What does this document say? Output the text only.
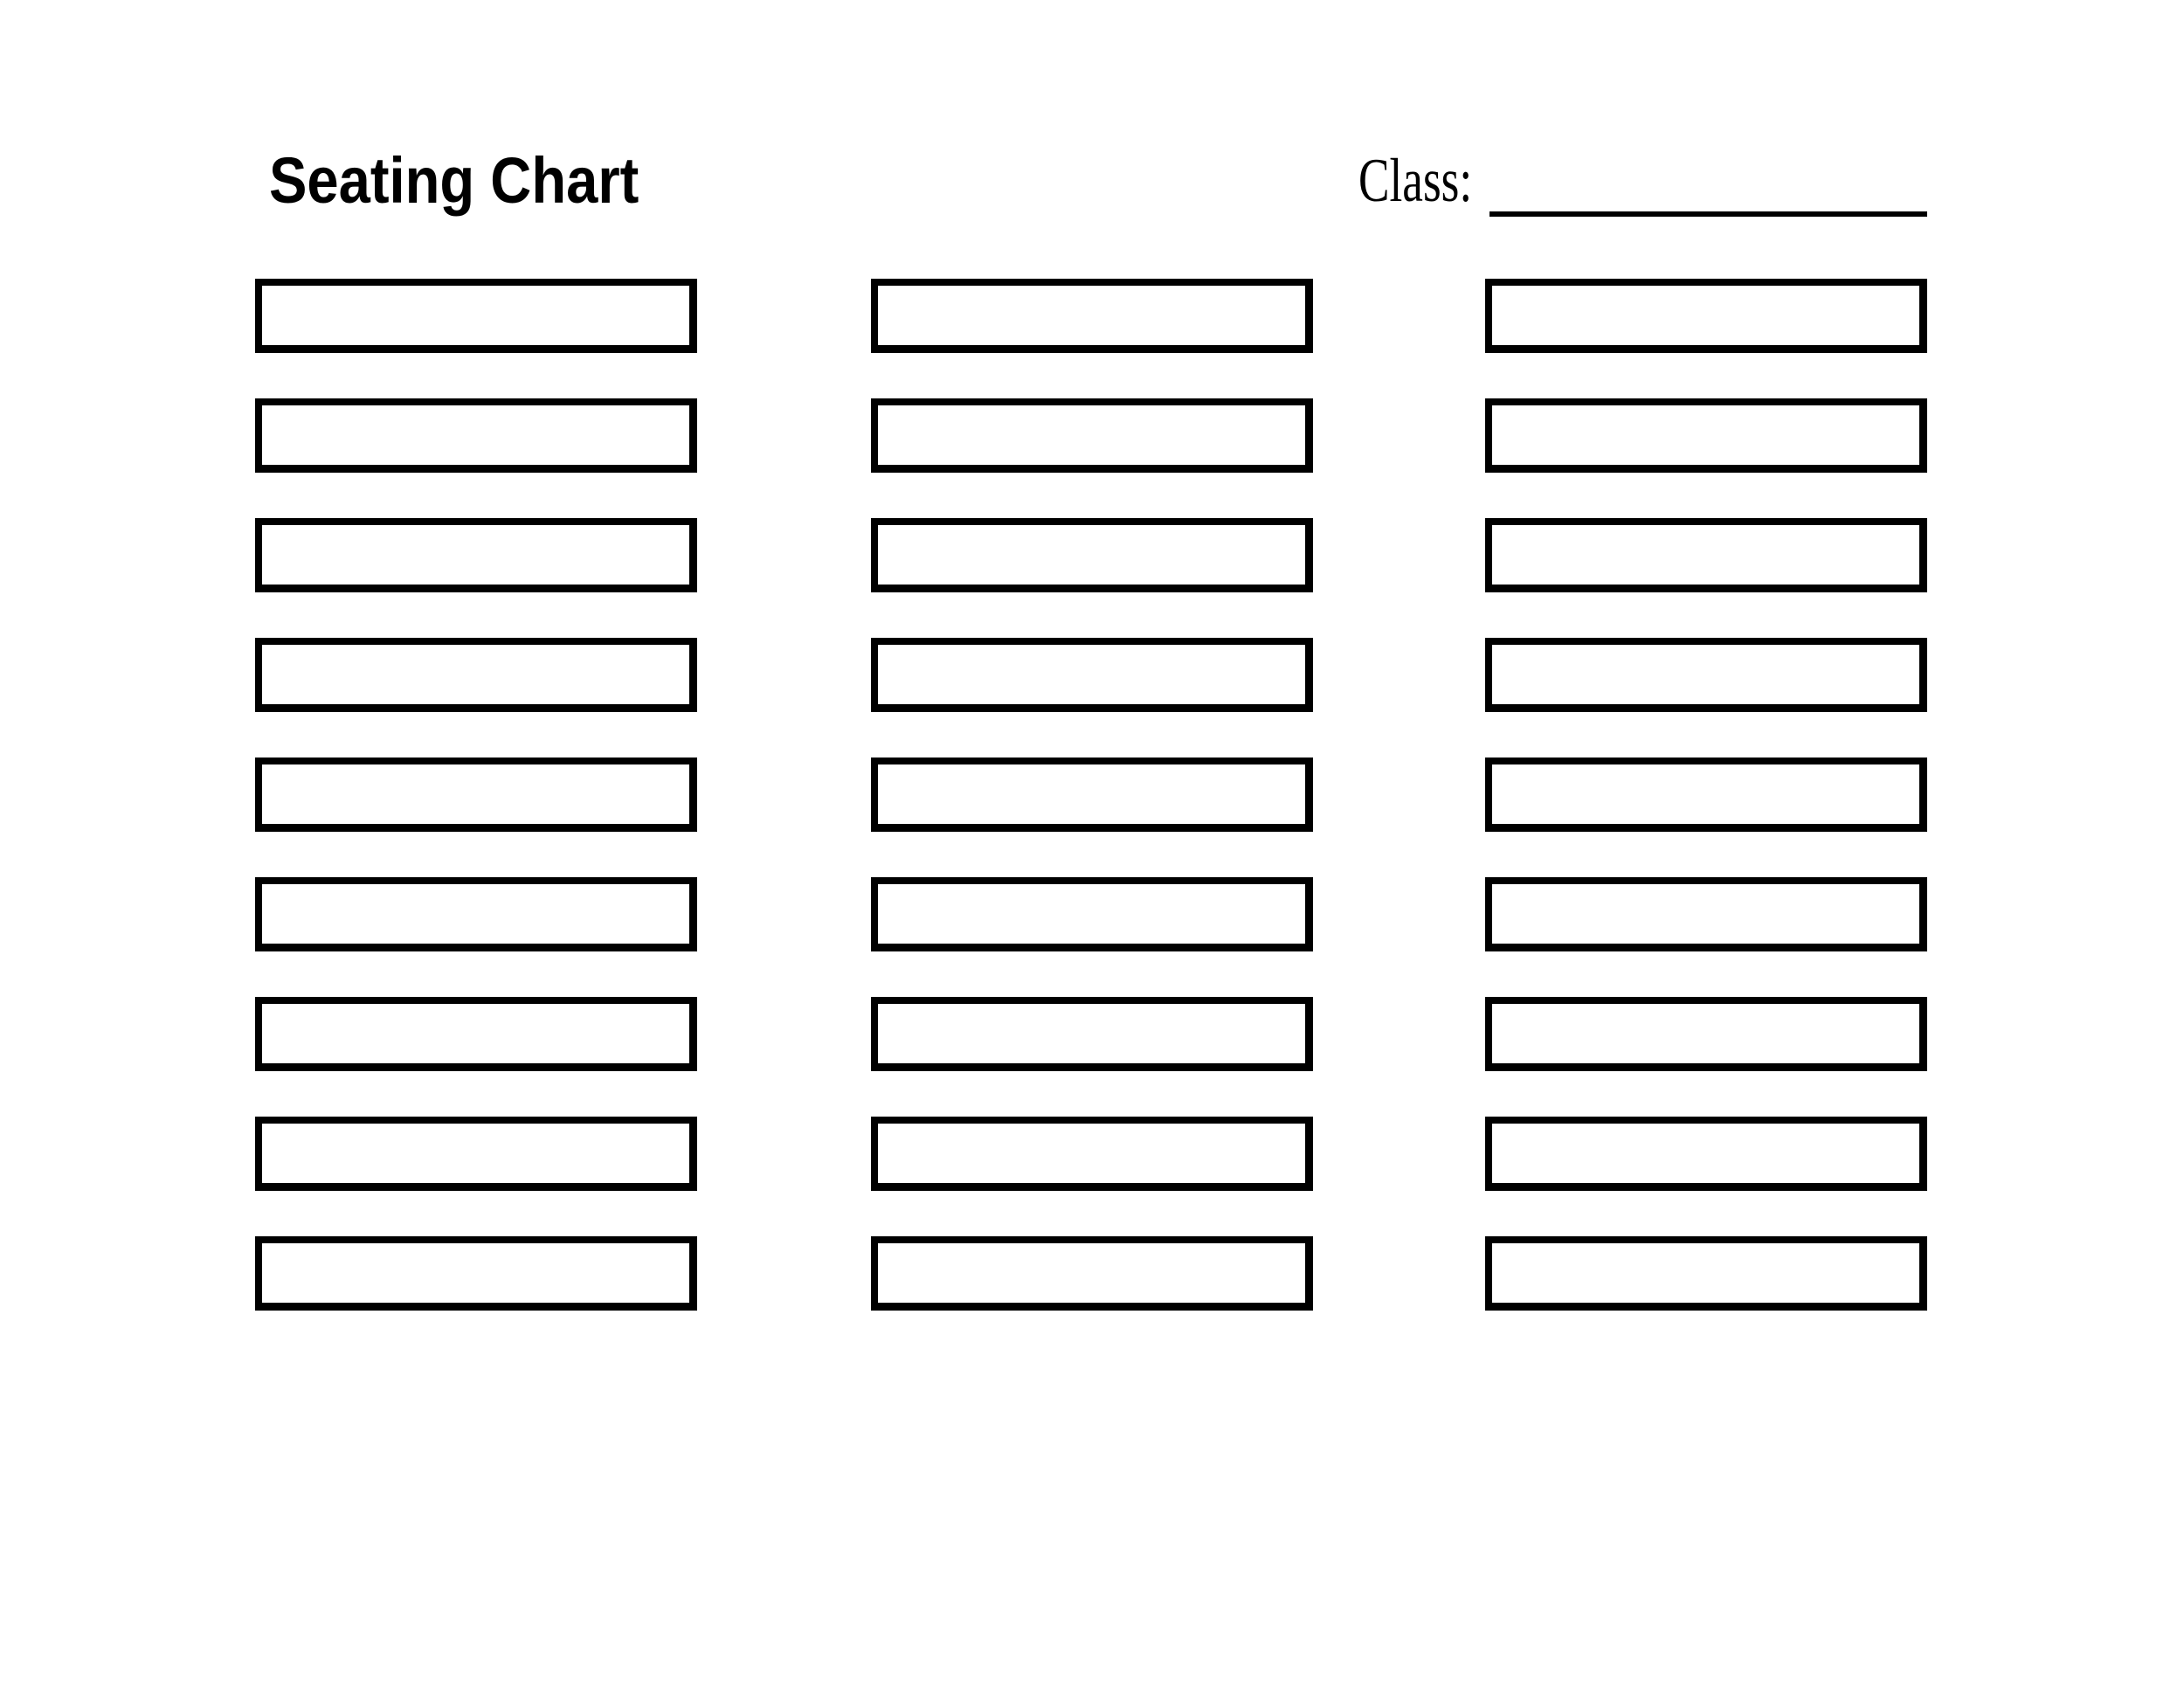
Seating Chart	Class:
